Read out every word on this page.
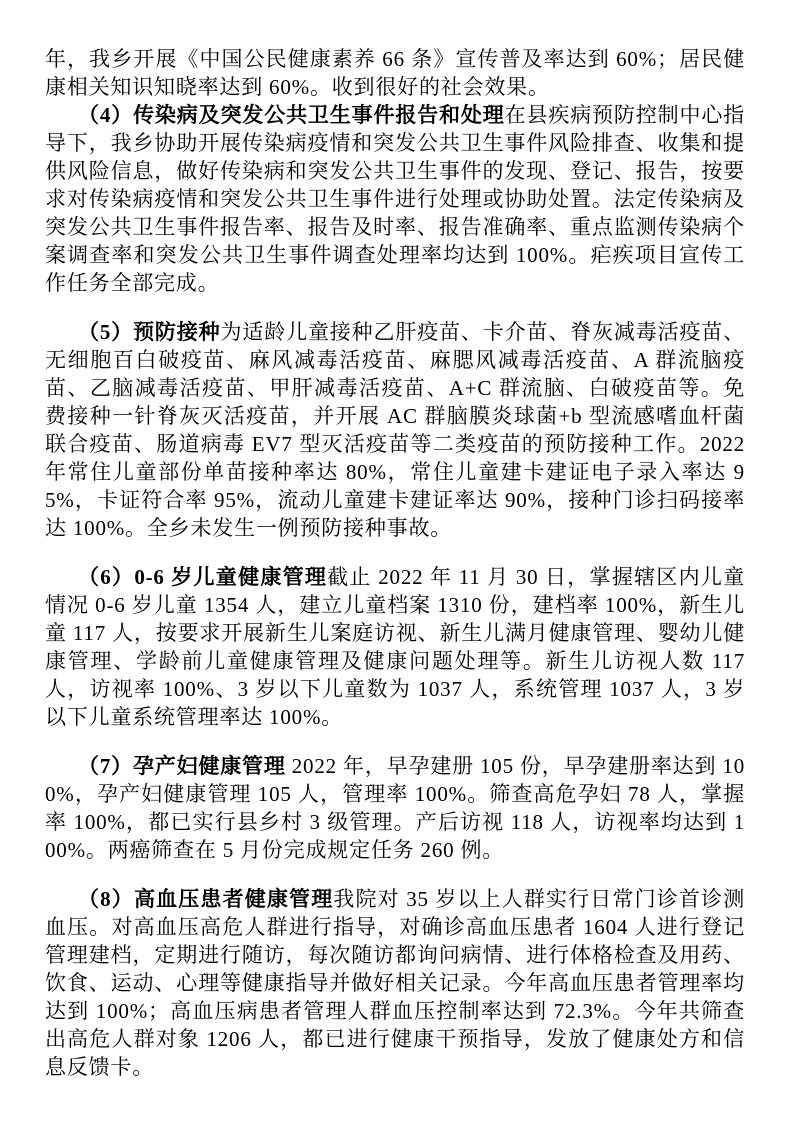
年，我乡开展《中国公民健康素养 66 条》宣传普及率达到 60%；居民健康相关知识知晓率达到 60%。收到很好的社会效果。

（4）传染病及突发公共卫生事件报告和处理在县疾病预防控制中心指导下，我乡协助开展传染病疫情和突发公共卫生事件风险排查、收集和提供风险信息，做好传染病和突发公共卫生事件的发现、登记、报告，按要求对传染病疫情和突发公共卫生事件进行处理或协助处置。法定传染病及突发公共卫生事件报告率、报告及时率、报告准确率、重点监测传染病个案调查率和突发公共卫生事件调查处理率均达到 100%。疟疾项目宣传工作任务全部完成。

（5）预防接种为适龄儿童接种乙肝疫苗、卡介苗、脊灰减毒活疫苗、无细胞百白破疫苗、麻风减毒活疫苗、麻腮风减毒活疫苗、A 群流脑疫苗、乙脑减毒活疫苗、甲肝减毒活疫苗、A+C 群流脑、白破疫苗等。免费接种一针脊灰灭活疫苗，并开展 AC 群脑膜炎球菌+b 型流感嗜血杆菌联合疫苗、肠道病毒 EV7 型灭活疫苗等二类疫苗的预防接种工作。2022 年常住儿童部份单苗接种率达 80%，常住儿童建卡建证电子录入率达 95%，卡证符合率 95%，流动儿童建卡建证率达 90%，接种门诊扫码接率达 100%。全乡未发生一例预防接种事故。

（6）0-6 岁儿童健康管理截止 2022 年 11 月 30 日，掌握辖区内儿童情况 0-6 岁儿童 1354 人，建立儿童档案 1310 份，建档率 100%，新生儿童 117 人，按要求开展新生儿案庭访视、新生儿满月健康管理、婴幼儿健康管理、学龄前儿童健康管理及健康问题处理等。新生儿访视人数 117 人，访视率 100%、3 岁以下儿童数为 1037 人，系统管理 1037 人，3 岁以下儿童系统管理率达 100%。

（7）孕产妇健康管理 2022 年，早孕建册 105 份，早孕建册率达到 100%，孕产妇健康管理 105 人，管理率 100%。筛查高危孕妇 78 人，掌握率 100%，都已实行县乡村 3 级管理。产后访视 118 人，访视率均达到 100%。两癌筛查在 5 月份完成规定任务 260 例。

（8）高血压患者健康管理我院对 35 岁以上人群实行日常门诊首诊测血压。对高血压高危人群进行指导，对确诊高血压患者 1604 人进行登记管理建档，定期进行随访，每次随访都询问病情、进行体格检查及用药、饮食、运动、心理等健康指导并做好相关记录。今年高血压患者管理率均达到 100%；高血压病患者管理人群血压控制率达到 72.3%。今年共筛查出高危人群对象 1206 人，都已进行健康干预指导，发放了健康处方和信息反馈卡。
